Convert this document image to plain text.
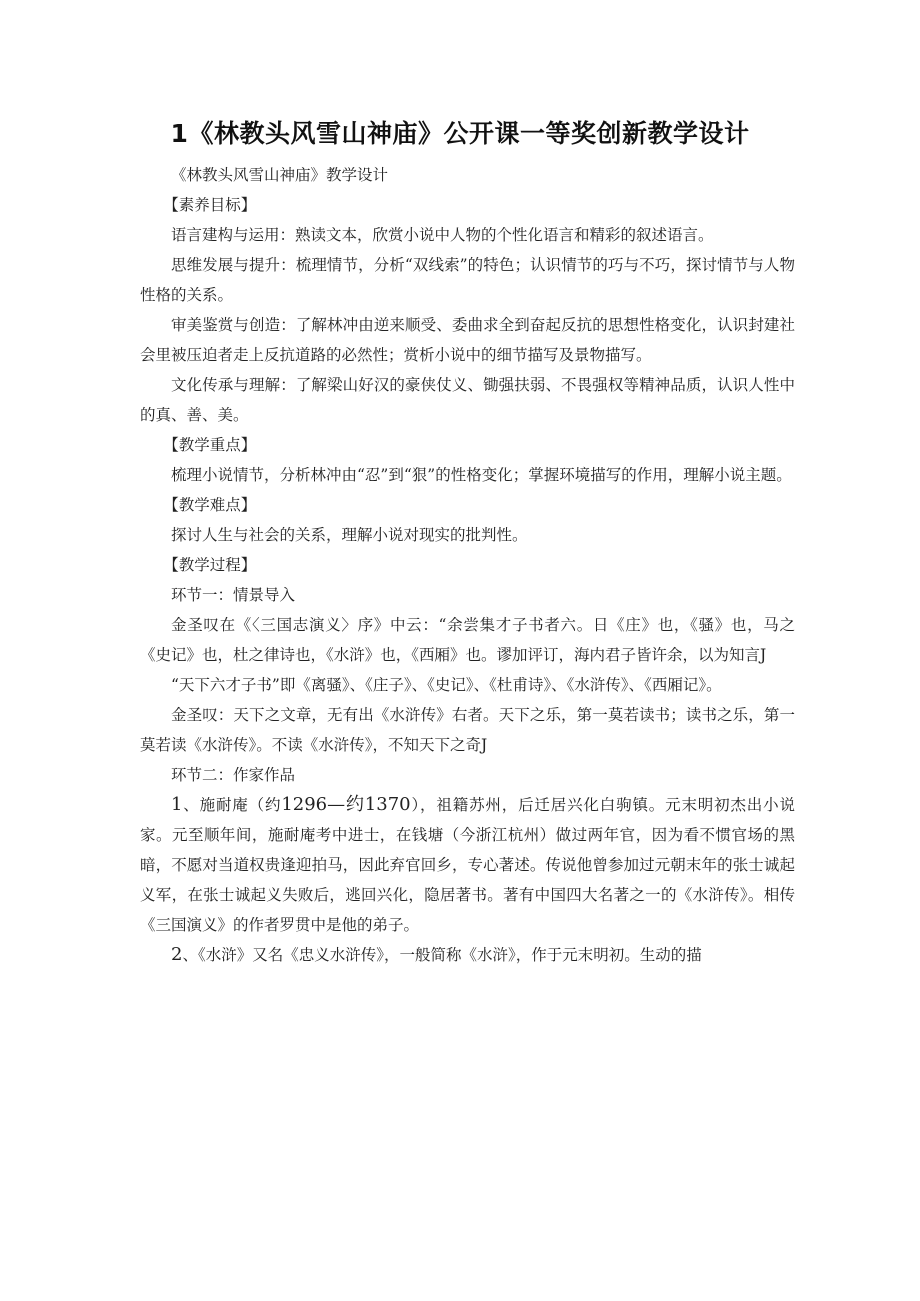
1《林教头风雪山神庙》公开课一等奖创新教学设计

《林教头风雪山神庙》教学设计

【素养目标】

语言建构与运用：熟读文本，欣赏小说中人物的个性化语言和精彩的叙述语言。

思维发展与提升：梳理情节，分析“双线索”的特色；认识情节的巧与不巧，探讨情节与人物性格的关系。

审美鉴赏与创造：了解林冲由逆来顺受、委曲求全到奋起反抗的思想性格变化，认识封建社会里被压迫者走上反抗道路的必然性；赏析小说中的细节描写及景物描写。

文化传承与理解：了解梁山好汉的豪侠仗义、锄强扶弱、不畏强权等精神品质，认识人性中的真、善、美。

【教学重点】

梳理小说情节，分析林冲由“忍”到“狠”的性格变化；掌握环境描写的作用，理解小说主题。

【教学难点】

探讨人生与社会的关系，理解小说对现实的批判性。

【教学过程】

环节一：情景导入

金圣叹在《〈三国志演义〉序》中云：“余尝集才子书者六。日《庄》也，《骚》也，马之《史记》也，杜之律诗也，《水浒》也，《西厢》也。谬加评订，海内君子皆许余，以为知言J

“天下六才子书”即《离骚》、《庄子》、《史记》、《杜甫诗》、《水浒传》、《西厢记》。

金圣叹：天下之文章，无有出《水浒传》右者。天下之乐，第一莫若读书；读书之乐，第一莫若读《水浒传》。不读《水浒传》，不知天下之奇J

环节二：作家作品

1、施耐庵（约1296—约1370），祖籍苏州，后迁居兴化白驹镇。元末明初杰出小说家。元至顺年间，施耐庵考中进士，在钱塘（今浙江杭州）做过两年官，因为看不惯官场的黑暗，不愿对当道权贵逢迎拍马，因此弃官回乡，专心著述。传说他曾参加过元朝末年的张士诚起义军，在张士诚起义失败后，逃回兴化，隐居著书。著有中国四大名著之一的《水浒传》。相传《三国演义》的作者罗贯中是他的弟子。

2、《水浒》又名《忠义水浒传》，一般简称《水浒》，作于元末明初。生动的描
